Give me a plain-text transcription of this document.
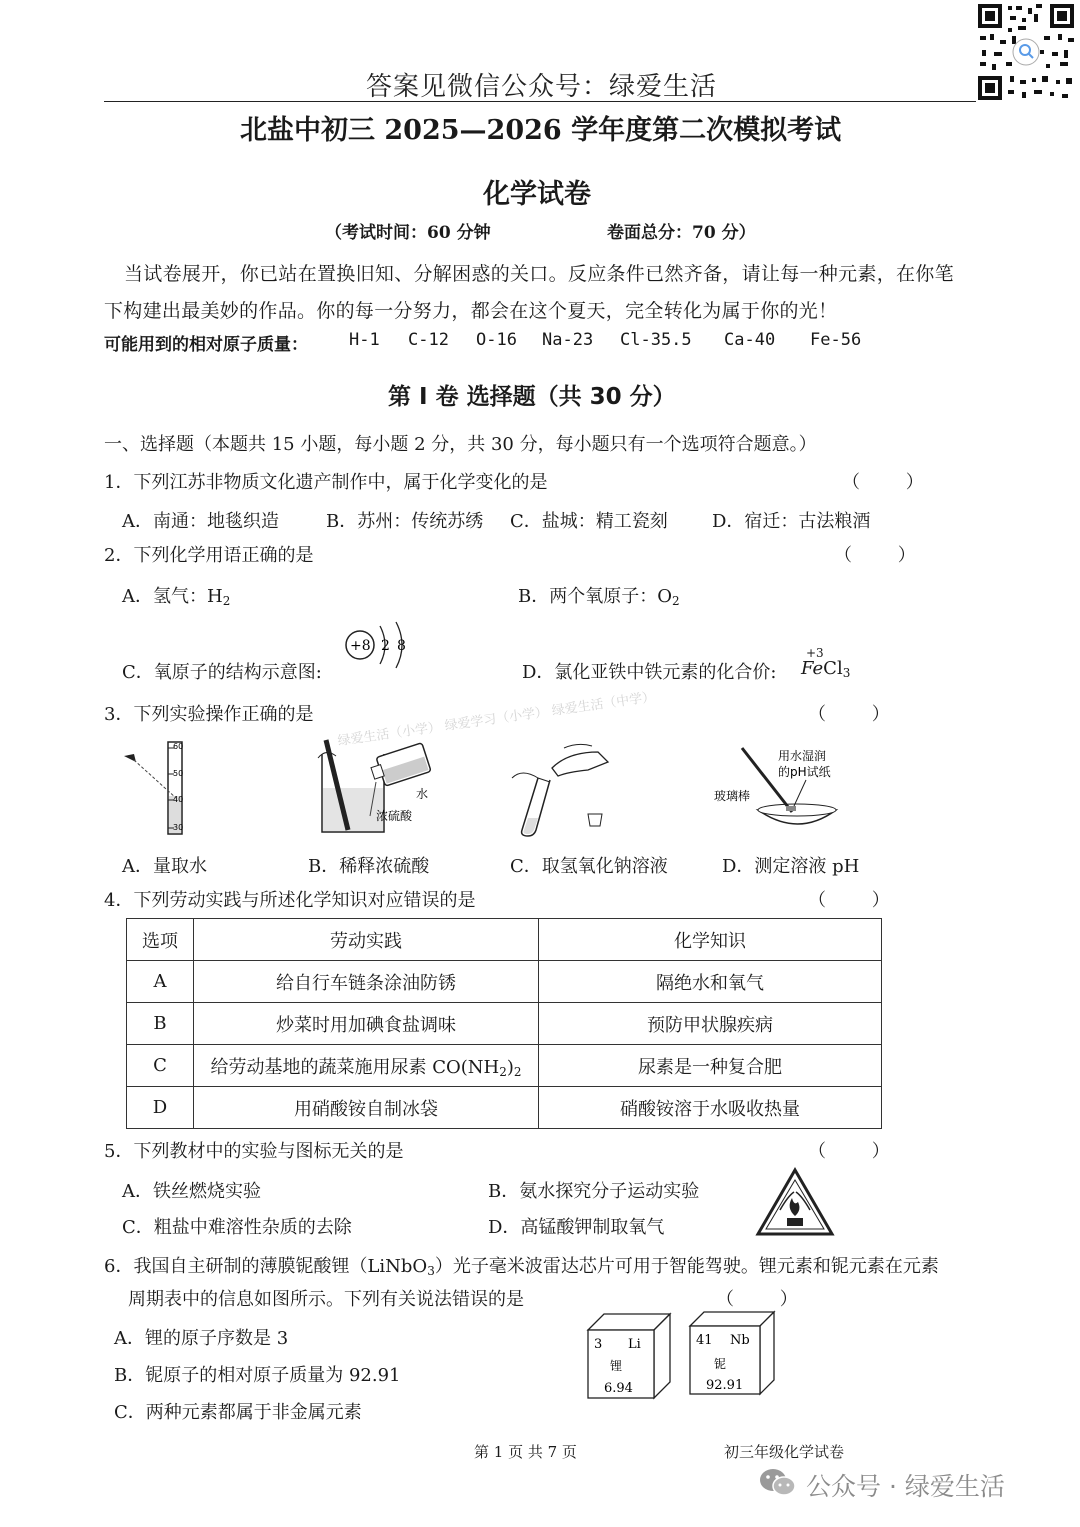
答案见微信公众号：绿爱生活
北盐中初三 2025—2026 学年度第二次模拟考试
化学试卷
（考试时间：60 分钟	卷面总分：70 分）
当试卷展开，你已站在置换旧知、分解困惑的关口。反应条件已然齐备，请让每一种元素，在你笔
下构建出最美妙的作品。你的每一分努力，都会在这个夏天，完全转化为属于你的光！
可能用到的相对原子质量： H-1 C-12 O-16 Na-23 Cl-35.5 Ca-40 Fe-56
第 Ⅰ 卷 选择题（共 30 分）
一、选择题（本题共 15 小题，每小题 2 分，共 30 分，每小题只有一个选项符合题意。）
1．下列江苏非物质文化遗产制作中，属于化学变化的是	（ ）
A．南通：地毯织造	B．苏州：传统苏绣 C．盐城：精工瓷刻 D．宿迁：古法粮酒
2．下列化学用语正确的是	（ ）
A．氢气：$H_2$	B．两个氧原子：$O_2$
C．氧原子的结构示意图:
+8 2 8
D．氯化亚铁中铁元素的化合价:
+3
FeCl$_3$
3．下列实验操作正确的是	（ ）
绿爱生活（小学） 绿爱学习（小学） 绿爱生活（中学）
60
50
40
30
水
浓硫酸
用水湿润
的pH试纸
玻璃棒
A．量取水	B．稀释浓硫酸	C．取氢氧化钠溶液	D．测定溶液 pH
4．下列劳动实践与所述化学知识对应错误的是	（ ）
选项	劳动实践	化学知识
A	给自行车链条涂油防锈	隔绝水和氧气
B	炒菜时用加碘食盐调味	预防甲状腺疾病
C	给劳动基地的蔬菜施用尿素 $CO(NH_2)_2$	尿素是一种复合肥
D	用硝酸铵自制冰袋	硝酸铵溶于水吸收热量
5．下列教材中的实验与图标无关的是	（ ）
A．铁丝燃烧实验	B．氨水探究分子运动实验
C．粗盐中难溶性杂质的去除	D．高锰酸钾制取氧气
6．我国自主研制的薄膜铌酸锂（LiNbO$_3$）光子毫米波雷达芯片可用于智能驾驶。锂元素和铌元素在元素
周期表中的信息如图所示。下列有关说法错误的是	（ ）
A．锂的原子序数是 3
B．铌原子的相对原子质量为 92.91
C．两种元素都属于非金属元素
3 Li
锂
6.94
41 Nb
铌
92.91
第 1 页 共 7 页	初三年级化学试卷
公众号 · 绿爱生活
